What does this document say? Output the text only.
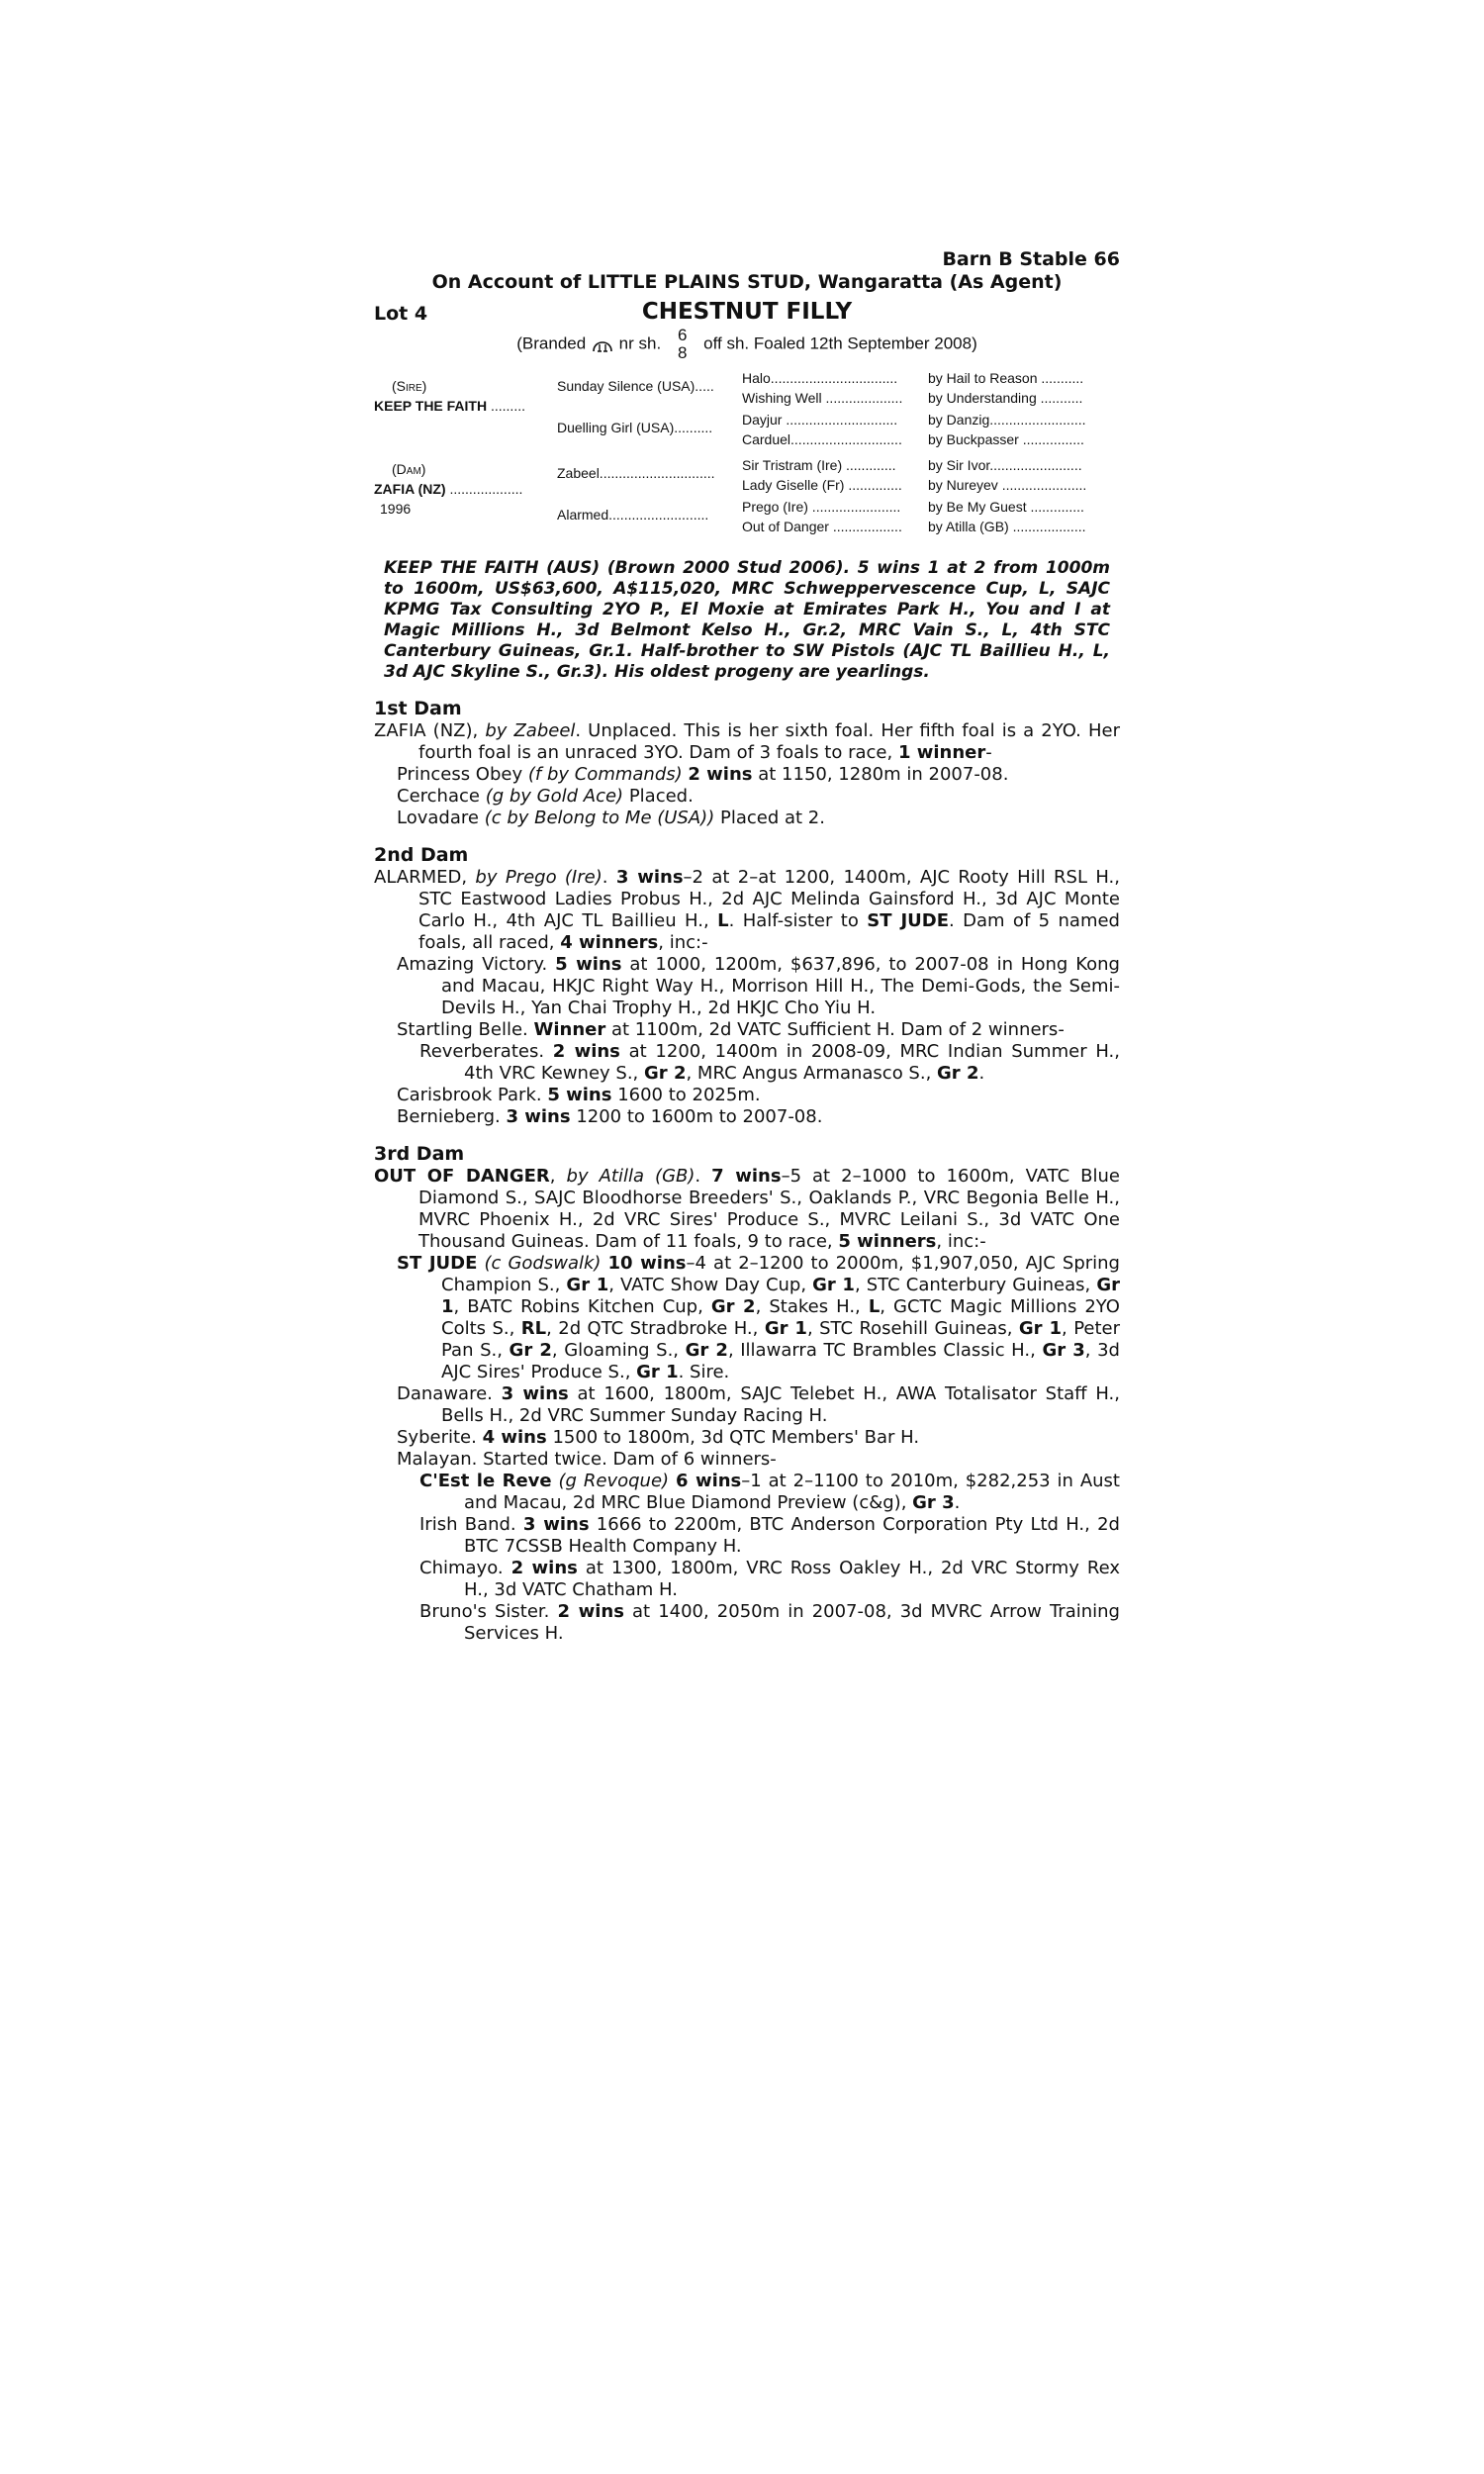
Barn B Stable 66
On Account of LITTLE PLAINS STUD, Wangaratta (As Agent)
Lot 4	CHESTNUT FILLY
(Branded nr sh. 6
8 off sh. Foaled 12th September 2008)
(Sire)
KEEP THE FAITH .........
(Dam)
ZAFIA (NZ) ...................
1996
Sunday Silence (USA).....
Duelling Girl (USA)..........
Zabeel..............................
Alarmed..........................
Halo.................................
Wishing Well ....................
Dayjur .............................
Carduel.............................
Sir Tristram (Ire) .............
Lady Giselle (Fr) ..............
Prego (Ire) .......................
Out of Danger ..................
by Hail to Reason ...........
by Understanding ...........
by Danzig.........................
by Buckpasser ................
by Sir Ivor........................
by Nureyev ......................
by Be My Guest ..............
by Atilla (GB) ...................
KEEP THE FAITH (AUS) (Brown 2000 Stud 2006). 5 wins 1 at 2 from 1000m to 1600m, US$63,600, A$115,020, MRC Schweppervescence Cup, L, SAJC KPMG Tax Consulting 2YO P., El Moxie at Emirates Park H., You and I at Magic Millions H., 3d Belmont Kelso H., Gr.2, MRC Vain S., L, 4th STC Canterbury Guineas, Gr.1. Half-brother to SW Pistols (AJC TL Baillieu H., L, 3d AJC Skyline S., Gr.3). His oldest progeny are yearlings.
1st Dam
ZAFIA (NZ), by Zabeel. Unplaced. This is her sixth foal. Her fifth foal is a 2YO. Her fourth foal is an unraced 3YO. Dam of 3 foals to race, 1 winner-
Princess Obey (f by Commands) 2 wins at 1150, 1280m in 2007-08.
Cerchace (g by Gold Ace) Placed.
Lovadare (c by Belong to Me (USA)) Placed at 2.
2nd Dam
ALARMED, by Prego (Ire). 3 wins–2 at 2–at 1200, 1400m, AJC Rooty Hill RSL H., STC Eastwood Ladies Probus H., 2d AJC Melinda Gainsford H., 3d AJC Monte Carlo H., 4th AJC TL Baillieu H., L. Half-sister to ST JUDE. Dam of 5 named foals, all raced, 4 winners, inc:-
Amazing Victory. 5 wins at 1000, 1200m, $637,896, to 2007-08 in Hong Kong and Macau, HKJC Right Way H., Morrison Hill H., The Demi-Gods, the Semi-Devils H., Yan Chai Trophy H., 2d HKJC Cho Yiu H.
Startling Belle. Winner at 1100m, 2d VATC Sufficient H. Dam of 2 winners-
Reverberates. 2 wins at 1200, 1400m in 2008-09, MRC Indian Summer H., 4th VRC Kewney S., Gr 2, MRC Angus Armanasco S., Gr 2.
Carisbrook Park. 5 wins 1600 to 2025m.
Bernieberg. 3 wins 1200 to 1600m to 2007-08.
3rd Dam
OUT OF DANGER, by Atilla (GB). 7 wins–5 at 2–1000 to 1600m, VATC Blue Diamond S., SAJC Bloodhorse Breeders' S., Oaklands P., VRC Begonia Belle H., MVRC Phoenix H., 2d VRC Sires' Produce S., MVRC Leilani S., 3d VATC One Thousand Guineas. Dam of 11 foals, 9 to race, 5 winners, inc:-
ST JUDE (c Godswalk) 10 wins–4 at 2–1200 to 2000m, $1,907,050, AJC Spring Champion S., Gr 1, VATC Show Day Cup, Gr 1, STC Canterbury Guineas, Gr 1, BATC Robins Kitchen Cup, Gr 2, Stakes H., L, GCTC Magic Millions 2YO Colts S., RL, 2d QTC Stradbroke H., Gr 1, STC Rosehill Guineas, Gr 1, Peter Pan S., Gr 2, Gloaming S., Gr 2, Illawarra TC Brambles Classic H., Gr 3, 3d AJC Sires' Produce S., Gr 1. Sire.
Danaware. 3 wins at 1600, 1800m, SAJC Telebet H., AWA Totalisator Staff H., Bells H., 2d VRC Summer Sunday Racing H.
Syberite. 4 wins 1500 to 1800m, 3d QTC Members' Bar H.
Malayan. Started twice. Dam of 6 winners-
C'Est le Reve (g Revoque) 6 wins–1 at 2–1100 to 2010m, $282,253 in Aust and Macau, 2d MRC Blue Diamond Preview (c&g), Gr 3.
Irish Band. 3 wins 1666 to 2200m, BTC Anderson Corporation Pty Ltd H., 2d BTC 7CSSB Health Company H.
Chimayo. 2 wins at 1300, 1800m, VRC Ross Oakley H., 2d VRC Stormy Rex H., 3d VATC Chatham H.
Bruno's Sister. 2 wins at 1400, 2050m in 2007-08, 3d MVRC Arrow Training Services H.
